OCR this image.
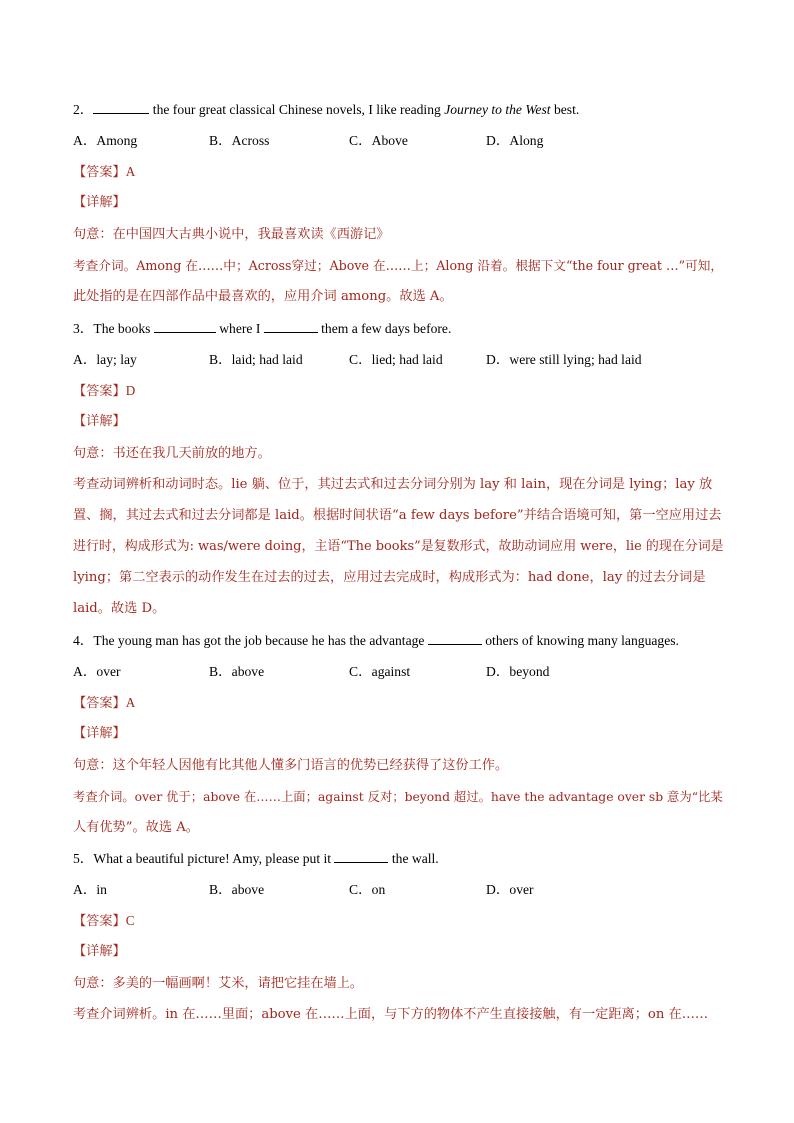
2．	the four great classical Chinese novels, I like reading Journey to the West best.
A．Among	B．Across	C．Above	D．Along
【答案】A
【详解】
句意：在中国四大古典小说中，我最喜欢读《西游记》
考查介词。Among 在……中；Across穿过；Above 在……上；Along 沿着。根据下文“the four great …”可知，
此处指的是在四部作品中最喜欢的，应用介词 among。故选 A。
3．The books	where I	them a few days before.
A．lay; lay	B．laid; had laid	C．lied; had laid	D．were still lying; had laid
【答案】D
【详解】
句意：书还在我几天前放的地方。
考查动词辨析和动词时态。lie 躺、位于，其过去式和过去分词分别为 lay 和 lain，现在分词是 lying；lay 放
置、搁，其过去式和过去分词都是 laid。根据时间状语“a few days before”并结合语境可知，第一空应用过去
进行时，构成形式为: was/were doing，主语“The books”是复数形式，故助动词应用 were，lie 的现在分词是
lying；第二空表示的动作发生在过去的过去，应用过去完成时，构成形式为：had done，lay 的过去分词是
laid。故选 D。
4．The young man has got the job because he has the advantage	others of knowing many languages.
A．over	B．above	C．against	D．beyond
【答案】A
【详解】
句意：这个年轻人因他有比其他人懂多门语言的优势已经获得了这份工作。
考查介词。over 优于；above 在……上面；against 反对；beyond 超过。have the advantage over sb 意为“比某
人有优势”。故选 A。
5．What a beautiful picture! Amy, please put it	the wall.
A．in	B．above	C．on	D．over
【答案】C
【详解】
句意：多美的一幅画啊！艾米，请把它挂在墙上。
考查介词辨析。in 在……里面；above 在……上面，与下方的物体不产生直接接触，有一定距离；on 在……
